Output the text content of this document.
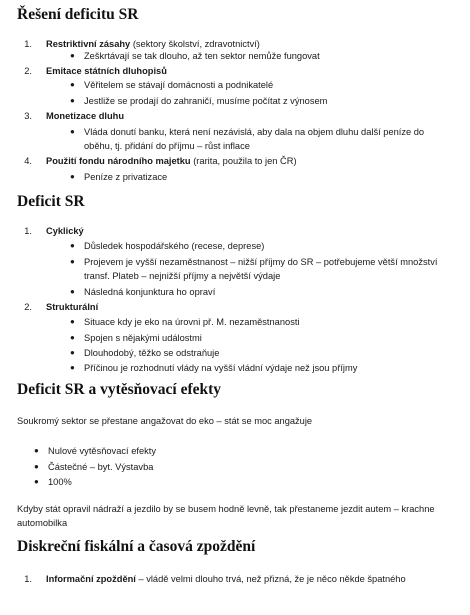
Řešení deficitu SR
1. Restriktivní zásahy (sektory školství, zdravotnictví)
● Zeškrtávají se tak dlouho, až ten sektor nemůže fungovat
2. Emitace státních dluhopisů
● Věřitelem se stávají domácnosti a podnikatelé
● Jestliže se prodají do zahraničí, musíme počítat z výnosem
3. Monetizace dluhu
● Vláda donutí banku, která není nezávislá, aby dala na objem dluhu další peníze do
oběhu, tj. přidání do příjmu – růst inflace
4. Použití fondu národního majetku (rarita, použila to jen ČR)
● Peníze z privatizace
Deficit SR
1. Cyklický
● Důsledek hospodářského (recese, deprese)
● Projevem je vyšší nezaměstnanost – nižší příjmy do SR – potřebujeme větší množství
transf. Plateb – nejnižší příjmy a největší výdaje
● Následná konjunktura ho opraví
2. Strukturální
● Situace kdy je eko na úrovni př. M. nezaměstnanosti
● Spojen s nějakými událostmi
● Dlouhodobý, těžko se odstraňuje
● Příčinou je rozhodnutí vlády na vyšší vládní výdaje než jsou příjmy
Deficit SR a vytěsňovací efekty
Soukromý sektor se přestane angažovat do eko – stát se moc angažuje
● Nulové vytěsňovací efekty
● Částečné – byt. Výstavba
● 100%
Kdyby stát opravil nádraží a jezdilo by se busem hodně levně, tak přestaneme jezdit autem – krachne
automobilka
Diskreční fiskální a časová zpoždění
1. Informační zpoždění – vládě velmi dlouho trvá, než přizná, že je něco někde špatného
